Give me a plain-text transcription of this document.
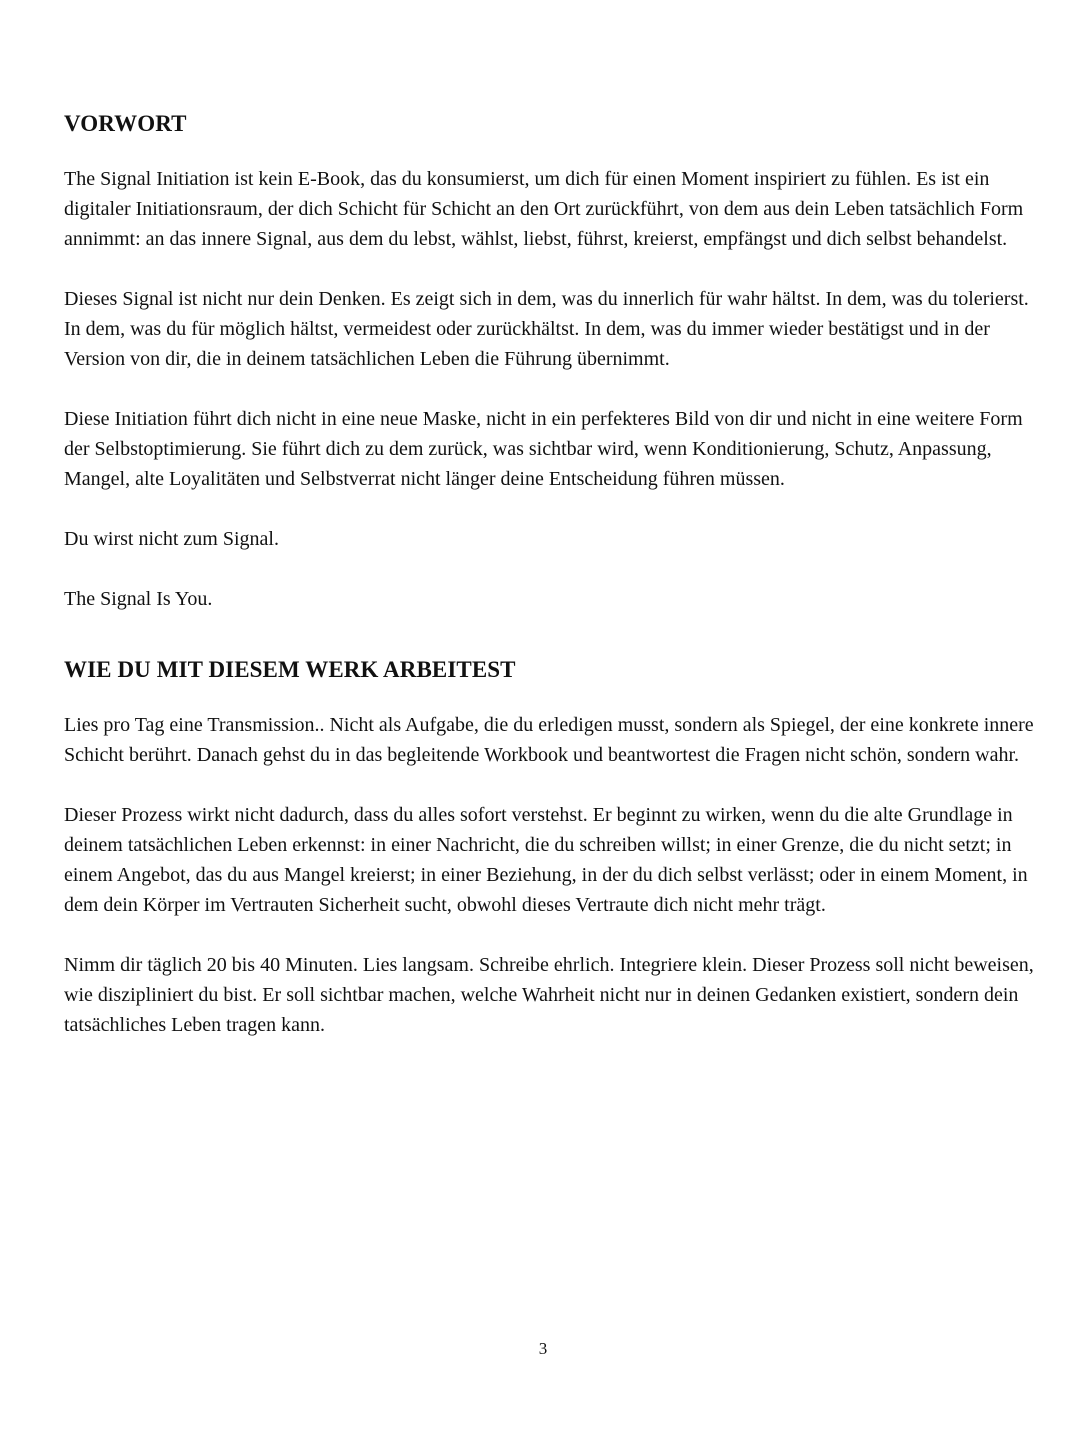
VORWORT

The Signal Initiation ist kein E-Book, das du konsumierst, um dich für einen Moment inspiriert zu fühlen. Es ist ein digitaler Initiationsraum, der dich Schicht für Schicht an den Ort zurückführt, von dem aus dein Leben tatsächlich Form annimmt: an das innere Signal, aus dem du lebst, wählst, liebst, führst, kreierst, empfängst und dich selbst behandelst.

Dieses Signal ist nicht nur dein Denken. Es zeigt sich in dem, was du innerlich für wahr hältst. In dem, was du tolerierst. In dem, was du für möglich hältst, vermeidest oder zurückhältst. In dem, was du immer wieder bestätigst und in der Version von dir, die in deinem tatsächlichen Leben die Führung übernimmt.

Diese Initiation führt dich nicht in eine neue Maske, nicht in ein perfekteres Bild von dir und nicht in eine weitere Form der Selbstoptimierung. Sie führt dich zu dem zurück, was sichtbar wird, wenn Konditionierung, Schutz, Anpassung, Mangel, alte Loyalitäten und Selbstverrat nicht länger deine Entscheidung führen müssen.

Du wirst nicht zum Signal.

The Signal Is You.

WIE DU MIT DIESEM WERK ARBEITEST

Lies pro Tag eine Transmission.. Nicht als Aufgabe, die du erledigen musst, sondern als Spiegel, der eine konkrete innere Schicht berührt. Danach gehst du in das begleitende Workbook und beantwortest die Fragen nicht schön, sondern wahr.

Dieser Prozess wirkt nicht dadurch, dass du alles sofort verstehst. Er beginnt zu wirken, wenn du die alte Grundlage in deinem tatsächlichen Leben erkennst: in einer Nachricht, die du schreiben willst; in einer Grenze, die du nicht setzt; in einem Angebot, das du aus Mangel kreierst; in einer Beziehung, in der du dich selbst verlässt; oder in einem Moment, in dem dein Körper im Vertrauten Sicherheit sucht, obwohl dieses Vertraute dich nicht mehr trägt.

Nimm dir täglich 20 bis 40 Minuten. Lies langsam. Schreibe ehrlich. Integriere klein. Dieser Prozess soll nicht beweisen, wie diszipliniert du bist. Er soll sichtbar machen, welche Wahrheit nicht nur in deinen Gedanken existiert, sondern dein tatsächliches Leben tragen kann.

3
